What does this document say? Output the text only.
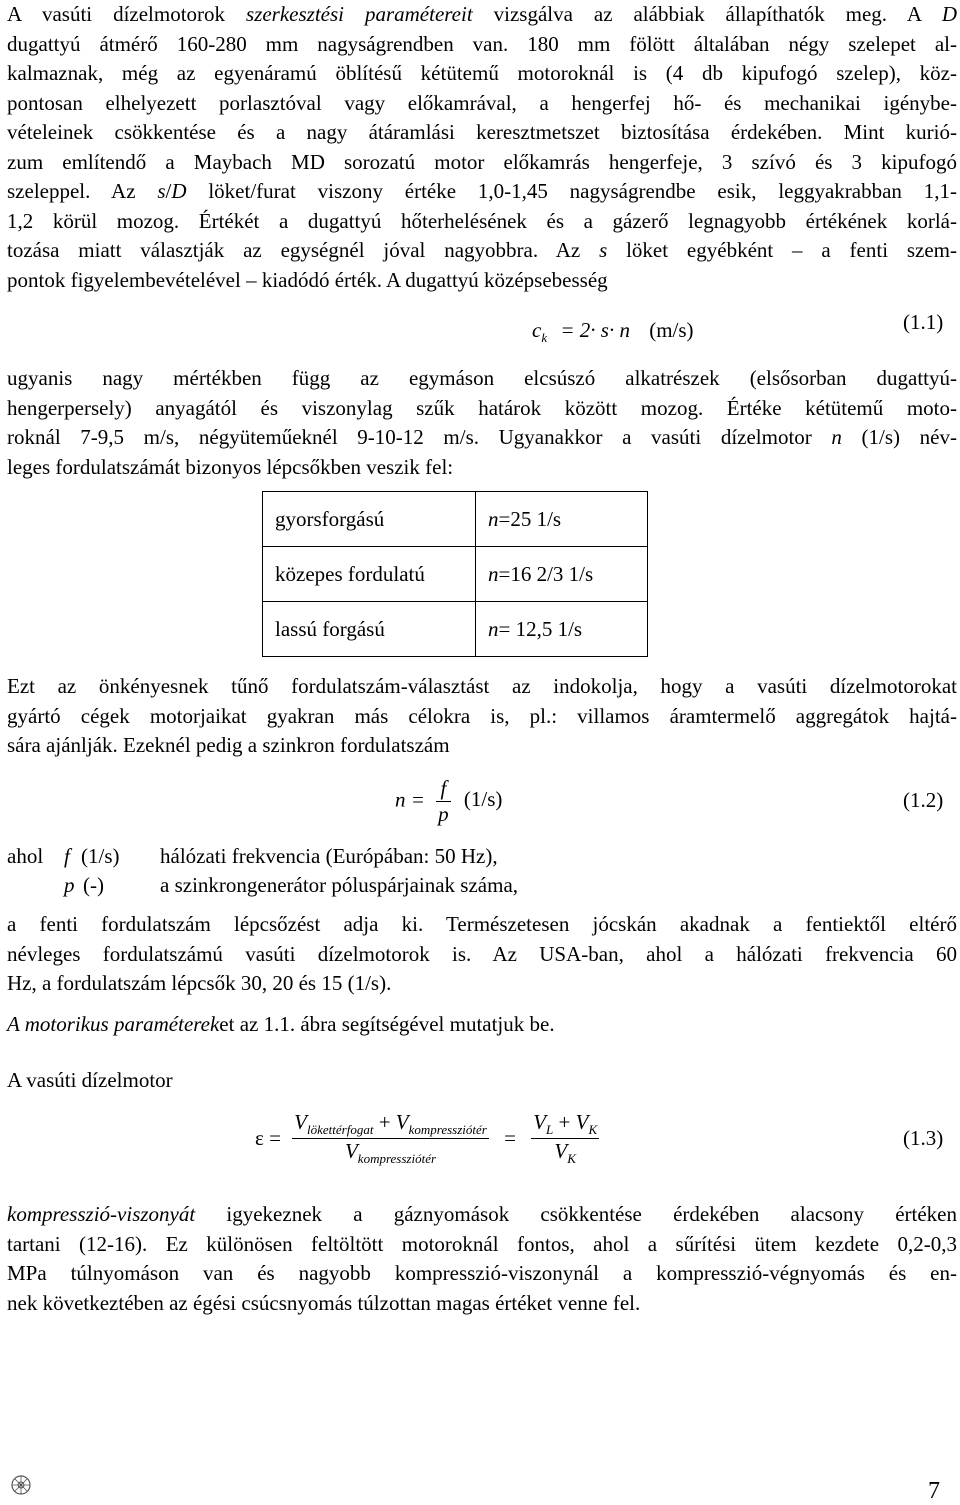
A vasúti dízelmotorok szerkesztési paramétereit vizsgálva az alábbiak állapíthatók meg. A D
dugattyú átmérő 160-280 mm nagyságrendben van. 180 mm fölött általában négy szelepet al-
kalmaznak, még az egyenáramú öblítésű kétütemű motoroknál is (4 db kipufogó szelep), köz-
pontosan elhelyezett porlasztóval vagy előkamrával, a hengerfej hő- és mechanikai igénybe-
vételeinek csökkentése és a nagy átáramlási keresztmetszet biztosítása érdekében. Mint kurió-
zum említendő a Maybach MD sorozatú motor előkamrás hengerfeje, 3 szívó és 3 kipufogó
szeleppel. Az s/D löket/furat viszony értéke 1,0-1,45 nagyságrendbe esik, leggyakrabban 1,1-
1,2 körül mozog. Értékét a dugattyú hőterhelésének és a gázerő legnagyobb értékének korlá-
tozása miatt választják az egységnél jóval nagyobbra. Az s löket egyébként – a fenti szem-
pontok figyelembevételével – kiadódó érték. A dugattyú középsebesség
$c_k = 2\cdot s\cdot n$ (m/s)	(1.1)
ugyanis nagy mértékben függ az egymáson elcsúszó alkatrészek (elsősorban dugattyú-
hengerpersely) anyagától és viszonylag szűk határok között mozog. Értéke kétütemű moto-
roknál 7-9,5 m/s, négyüteműeknél 9-10-12 m/s. Ugyanakkor a vasúti dízelmotor n (1/s) név-
leges fordulatszámát bizonyos lépcsőkben veszik fel:
gyorsforgású	n=25 1/s
közepes fordulatú	n=16 2/3 1/s
lassú forgású	n= 12,5 1/s
Ezt az önkényesnek tűnő fordulatszám-választást az indokolja, hogy a vasúti dízelmotorokat
gyártó cégek motorjaikat gyakran más célokra is, pl.: villamos áramtermelő aggregátok hajtá-
sára ajánlják. Ezeknél pedig a szinkron fordulatszám
$n = \frac{f}{p} (1/s)$	(1.2)
ahol f (1/s) hálózati frekvencia (Európában: 50 Hz),
p (-)	a szinkrongenerátor póluspárjainak száma,
a fenti fordulatszám lépcsőzést adja ki. Természetesen jócskán akadnak a fentiektől eltérő
névleges fordulatszámú vasúti dízelmotorok is. Az USA-ban, ahol a hálózati frekvencia 60
Hz, a fordulatszám lépcsők 30, 20 és 15 (1/s).
A motorikus paramétereket az 1.1. ábra segítségével mutatjuk be.
A vasúti dízelmotor
$\varepsilon = \frac{V_{lökettérfogat} + V_{kompressziótér}}{V_{kompressziótér}} = \frac{V_L + V_K}{V_K}$	(1.3)
kompresszió-viszonyát igyekeznek a gáznyomások csökkentése érdekében alacsony értéken
tartani (12-16). Ez különösen feltöltött motoroknál fontos, ahol a sűrítési ütem kezdete 0,2-0,3
MPa túlnyomáson van és nagyobb kompresszió-viszonynál a kompresszió-végnyomás és en-
nek következtében az égési csúcsnyomás túlzottan magas értéket venne fel.
7
